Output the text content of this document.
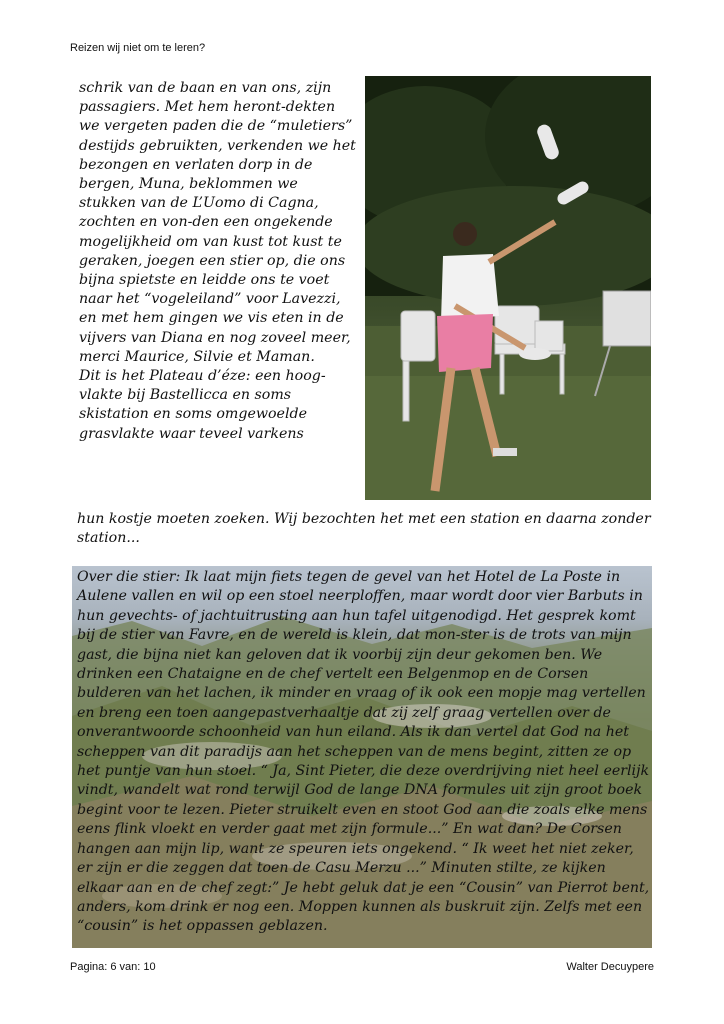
Reizen wij niet om te leren?

schrik van de baan en van ons, zijn passagiers. Met hem heront-dekten we vergeten paden die de “muletiers” destijds gebruikten, verkenden we het bezongen en verlaten dorp in de bergen, Muna, beklommen we stukken van de L’Uomo di Cagna, zochten en von-den een ongekende mogelijkheid om van kust tot kust te geraken, joegen een stier op, die ons bijna spietste en leidde ons te voet naar het “vogeleiland” voor Lavezzi, en met hem gingen we vis eten in de vijvers van Diana en nog zoveel meer, merci Maurice, Silvie et Maman.

Dit is het Plateau d’éze: een hoog-vlakte bij Bastellicca en soms skistation en soms omgewoelde grasvlakte waar teveel varkens

hun kostje moeten zoeken. Wij bezochten het met een station en daarna zonder station...

Over die stier: Ik laat mijn fiets tegen de gevel van het Hotel de La Poste in Aulene vallen en wil op een stoel neerploffen, maar wordt door vier Barbuts in hun gevechts- of jachtuitrusting aan hun tafel uitgenodigd. Het gesprek komt bij de stier van Favre, en de wereld is klein, dat mon-ster is de trots van mijn gast, die bijna niet kan geloven dat ik voorbij zijn deur gekomen ben. We drinken een Chataigne en de chef vertelt een Belgenmop en de Corsen bulderen van het lachen, ik minder en vraag of ik ook een mopje mag vertellen en breng een toen aangepastverhaaltje dat zij zelf graag vertellen over de onverantwoorde schoonheid van hun eiland. Als ik dan vertel dat God na het scheppen van dit paradijs aan het scheppen van de mens begint, zitten ze op het puntje van hun stoel. “ Ja, Sint Pieter, die deze overdrijving niet heel eerlijk vindt, wandelt wat rond terwijl God de lange DNA formules uit zijn groot boek begint voor te lezen. Pieter struikelt even en stoot God aan die zoals elke mens eens flink vloekt en verder gaat met zijn formule...” En wat dan? De Corsen hangen aan mijn lip, want ze speuren iets ongekend. “ Ik weet het niet zeker, er zijn er die zeggen dat toen de Casu Merzu ...” Minuten stilte, ze kijken elkaar aan en de chef zegt:” Je hebt geluk dat je een “Cousin” van Pierrot bent, anders, kom drink er nog een. Moppen kunnen als buskruit zijn. Zelfs met een “cousin” is het oppassen geblazen.

Pagina: 6 van: 10	Walter Decuypere
